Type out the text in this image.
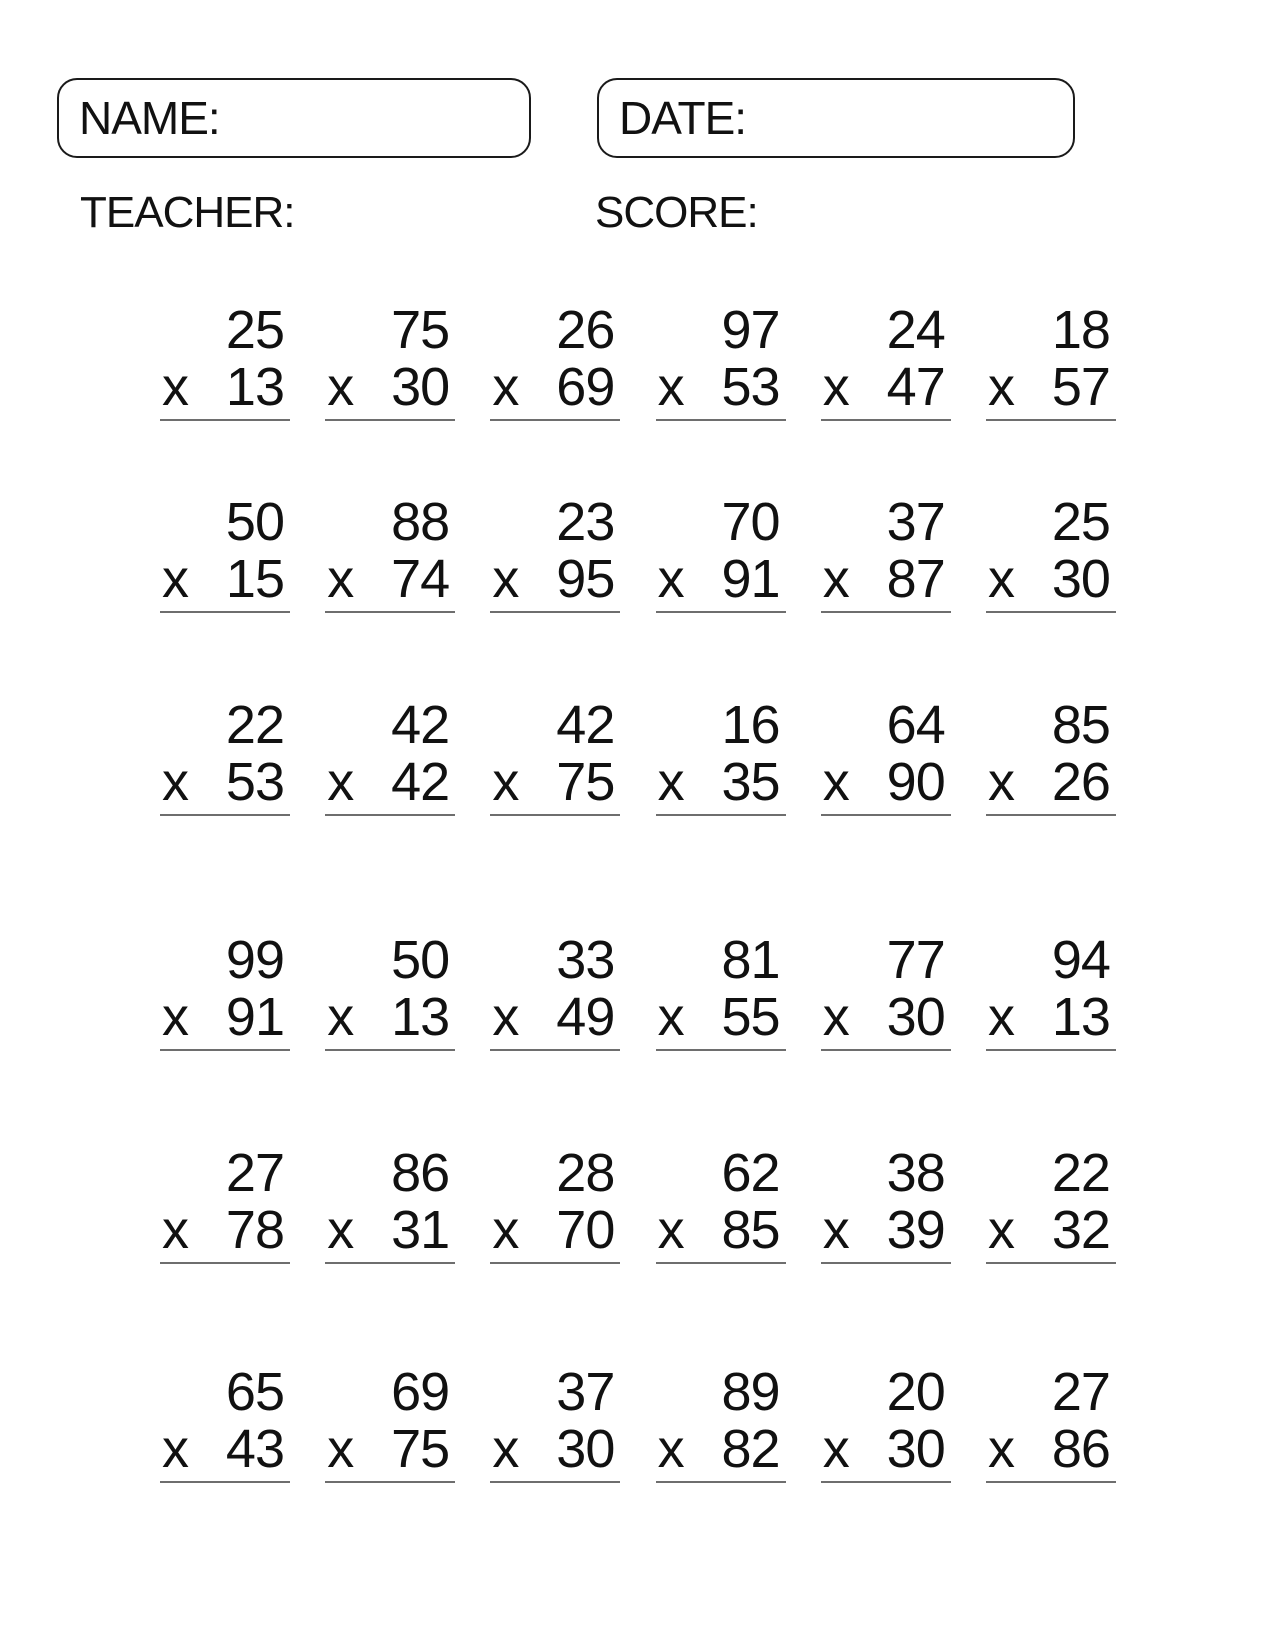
NAME:	DATE:
TEACHER:	SCORE:
25
x 13
75
x 30
26
x 69
97
x 53
24
x 47
18
x 57
50
x 15
88
x 74
23
x 95
70
x 91
37
x 87
25
x 30
22
x 53
42
x 42
42
x 75
16
x 35
64
x 90
85
x 26
99
x 91
50
x 13
33
x 49
81
x 55
77
x 30
94
x 13
27
x 78
86
x 31
28
x 70
62
x 85
38
x 39
22
x 32
65
x 43
69
x 75
37
x 30
89
x 82
20
x 30
27
x 86
